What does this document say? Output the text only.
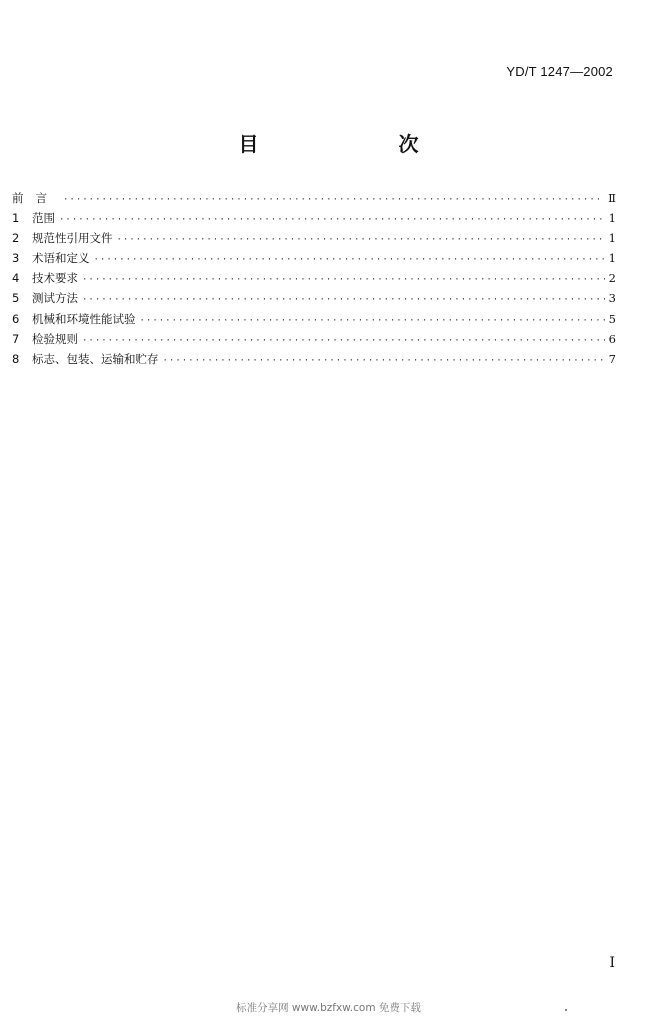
YD/T 1247—2002
目　次
前言 ·····	Ⅱ
1	范围 ·····	1
2	规范性引用文件 ·····	1
3	术语和定义 ·····	1
4	技术要求 ·····	2
5	测试方法 ·····	3
6	机械和环境性能试验 ·····	5
7	检验规则 ·····	6
8	标志、包装、运输和贮存 ·····	7
I
标准分享网 www.bzfxw.com 免费下载
